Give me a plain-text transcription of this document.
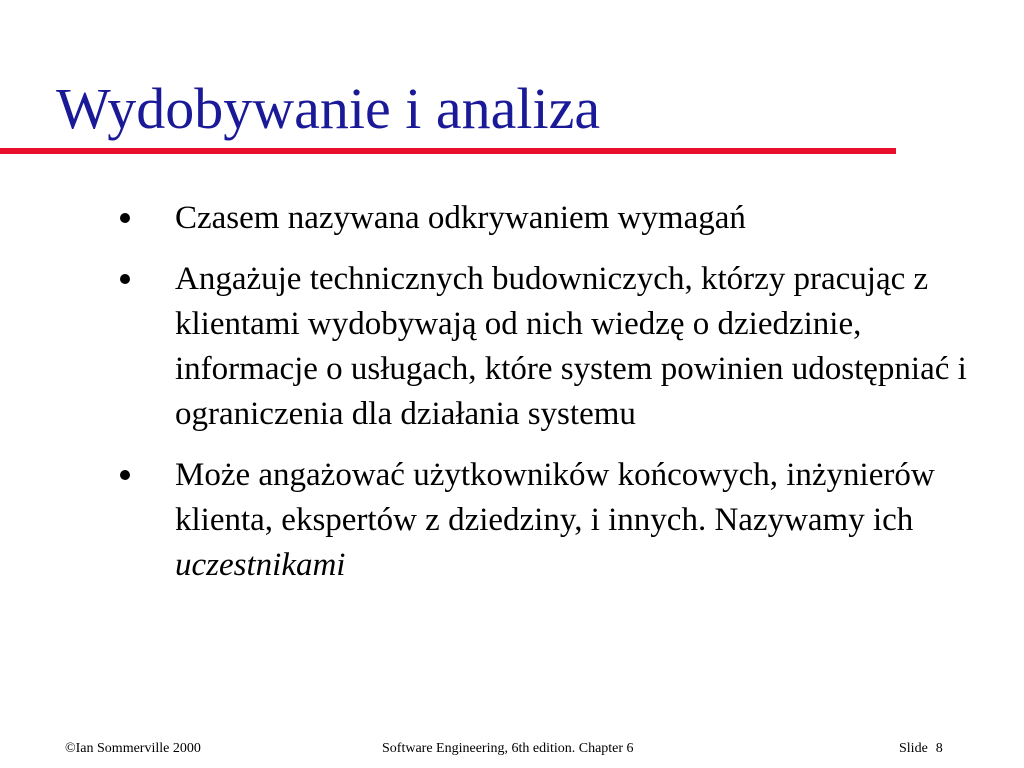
Wydobywanie i analiza
Czasem nazywana odkrywaniem wymagań
Angażuje technicznych budowniczych, którzy pracując z klientami wydobywają od nich wiedzę o dziedzinie, informacje o usługach, które system powinien udostępniać i ograniczenia dla działania systemu
Może angażować użytkowników końcowych, inżynierów klienta, ekspertów z dziedziny, i innych. Nazywamy ich uczestnikami
©Ian Sommerville 2000	Software Engineering, 6th edition. Chapter 6	Slide 8
